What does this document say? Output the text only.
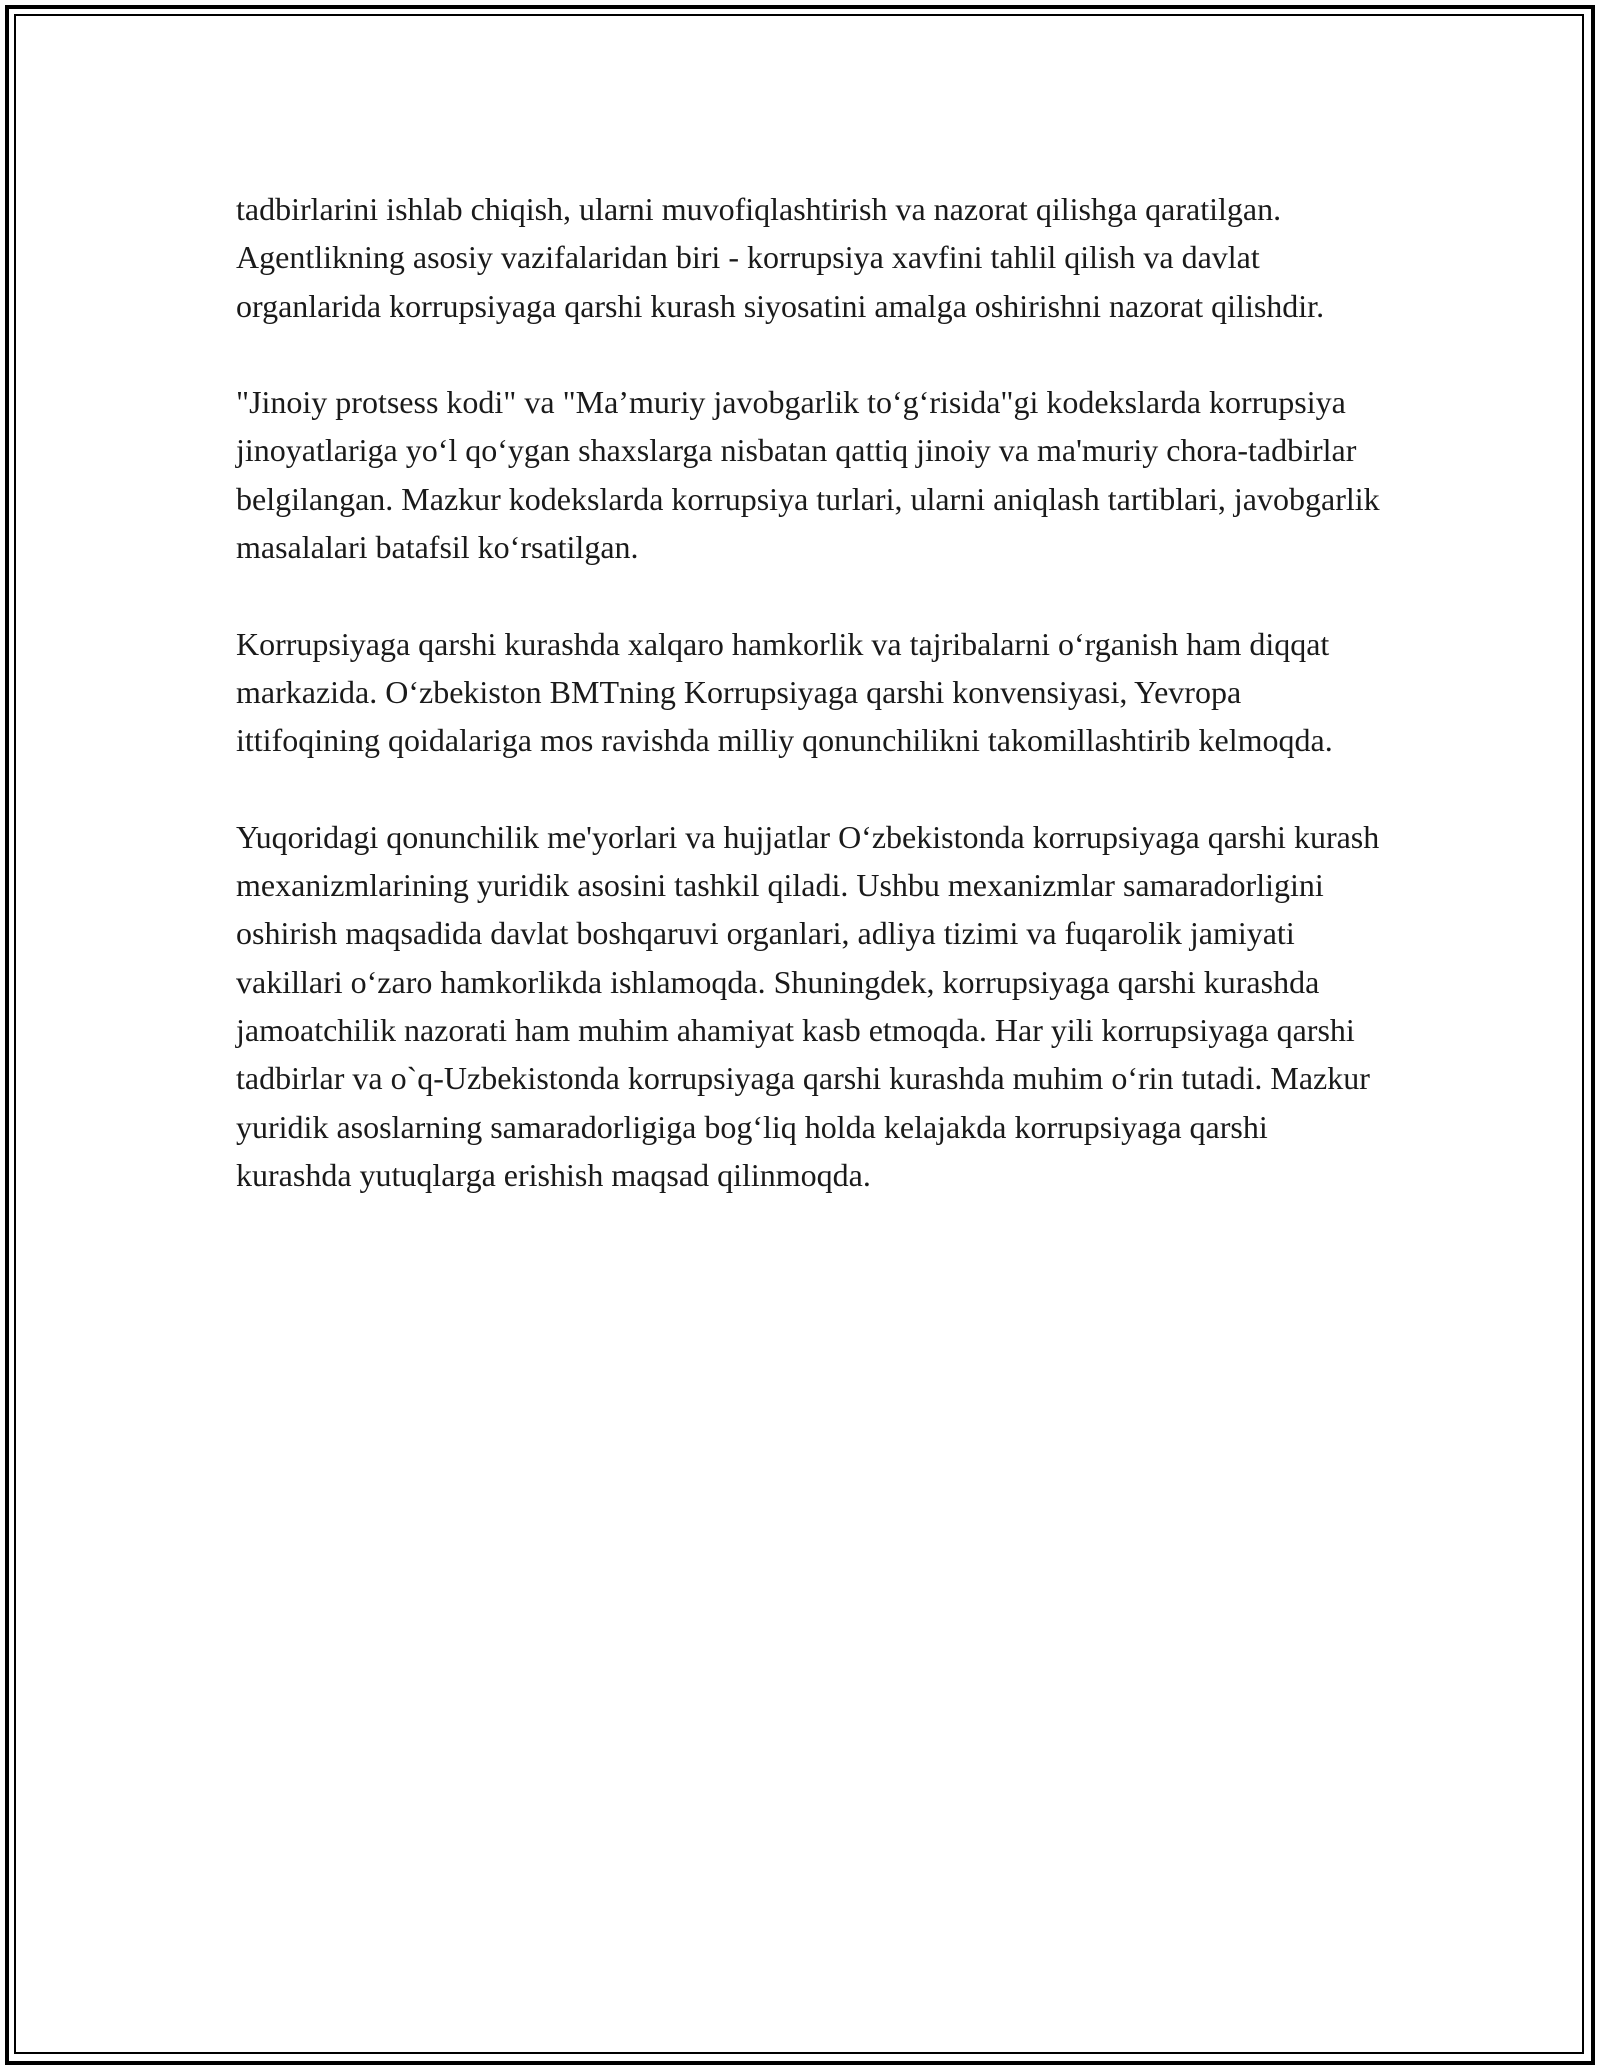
tadbirlarini ishlab chiqish, ularni muvofiqlashtirish va nazorat qilishga qaratilgan. Agentlikning asosiy vazifalaridan biri - korrupsiya xavfini tahlil qilish va davlat organlarida korrupsiyaga qarshi kurash siyosatini amalga oshirishni nazorat qilishdir.

"Jinoiy protsess kodi" va "Ma’muriy javobgarlik to‘g‘risida"gi kodekslarda korrupsiya jinoyatlariga yo‘l qo‘ygan shaxslarga nisbatan qattiq jinoiy va ma'muriy chora-tadbirlar belgilangan. Mazkur kodekslarda korrupsiya turlari, ularni aniqlash tartiblari, javobgarlik masalalari batafsil ko‘rsatilgan.

Korrupsiyaga qarshi kurashda xalqaro hamkorlik va tajribalarni o‘rganish ham diqqat markazida. O‘zbekiston BMTning Korrupsiyaga qarshi konvensiyasi, Yevropa ittifoqining qoidalariga mos ravishda milliy qonunchilikni takomillashtirib kelmoqda.

Yuqoridagi qonunchilik me'yorlari va hujjatlar O‘zbekistonda korrupsiyaga qarshi kurash mexanizmlarining yuridik asosini tashkil qiladi. Ushbu mexanizmlar samaradorligini oshirish maqsadida davlat boshqaruvi organlari, adliya tizimi va fuqarolik jamiyati vakillari o‘zaro hamkorlikda ishlamoqda. Shuningdek, korrupsiyaga qarshi kurashda jamoatchilik nazorati ham muhim ahamiyat kasb etmoqda. Har yili korrupsiyaga qarshi tadbirlar va o`q-Uzbekistonda korrupsiyaga qarshi kurashda muhim o‘rin tutadi. Mazkur yuridik asoslarning samaradorligiga bog‘liq holda kelajakda korrupsiyaga qarshi kurashda yutuqlarga erishish maqsad qilinmoqda.
